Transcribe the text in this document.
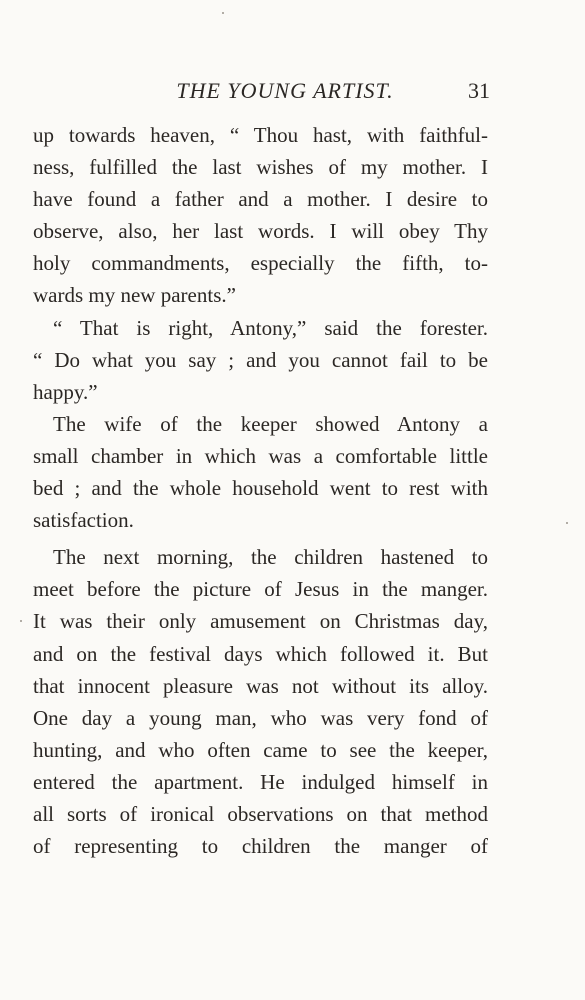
THE YOUNG ARTIST.	31
up towards heaven, “ Thou hast, with faithful-
ness, fulfilled the last wishes of my mother. I
have found a father and a mother. I desire to
observe, also, her last words. I will obey Thy
holy commandments, especially the fifth, to-
wards my new parents.”
“ That is right, Antony,” said the forester.
“ Do what you say ; and you cannot fail to be
happy.”
The wife of the keeper showed Antony a
small chamber in which was a comfortable little
bed ; and the whole household went to rest with
satisfaction.
The next morning, the children hastened to
meet before the picture of Jesus in the manger.
It was their only amusement on Christmas day,
and on the festival days which followed it. But
that innocent pleasure was not without its alloy.
One day a young man, who was very fond of
hunting, and who often came to see the keeper,
entered the apartment. He indulged himself in
all sorts of ironical observations on that method
of representing to children the manger of
